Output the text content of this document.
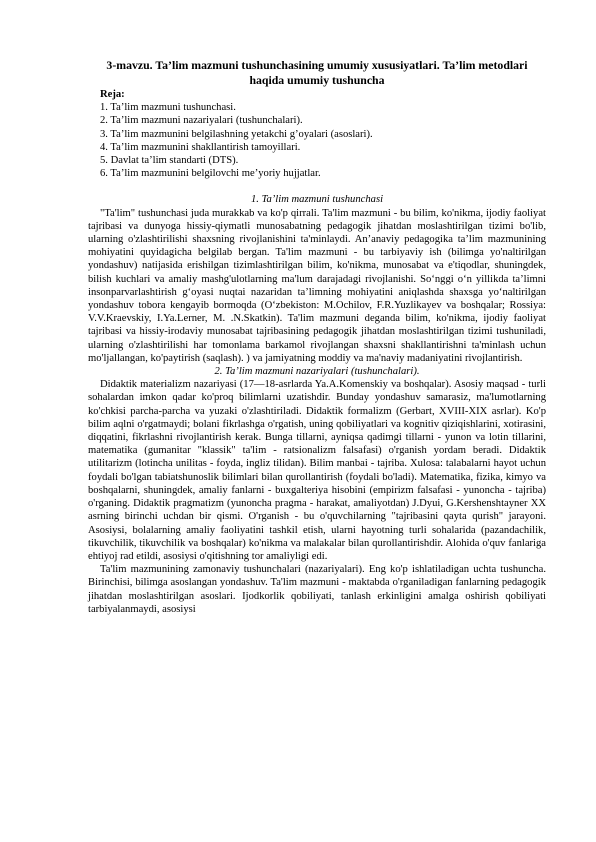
3-mavzu. Ta’lim mazmuni tushunchasining umumiy xususiyatlari. Ta’lim metodlari haqida umumiy tushuncha
Reja:
1. Ta’lim mazmuni tushunchasi.
2. Ta’lim mazmuni nazariyalari (tushunchalari).
3. Ta’lim mazmunini belgilashning yetakchi g’oyalari (asoslari).
4. Ta’lim mazmunini shakllantirish tamoyillari.
5. Davlat ta’lim standarti (DTS).
6. Ta’lim mazmunini belgilovchi me’yoriy hujjatlar.
1. Ta’lim mazmuni tushunchasi

"Ta'lim" tushunchasi juda murakkab va ko'p qirrali. Ta'lim mazmuni - bu bilim, ko'nikma, ijodiy faoliyat tajribasi va dunyoga hissiy-qiymatli munosabatning pedagogik jihatdan moslashtirilgan tizimi bo'lib, ularning o'zlashtirilishi shaxsning rivojlanishini ta'minlaydi. An’anaviy pedagogika ta’lim mazmunining mohiyatini quyidagicha belgilab bergan. Ta'lim mazmuni - bu tarbiyaviy ish (bilimga yo'naltirilgan yondashuv) natijasida erishilgan tizimlashtirilgan bilim, ko'nikma, munosabat va e'tiqodlar, shuningdek, bilish kuchlari va amaliy mashg'ulotlarning ma'lum darajadagi rivojlanishi. So‘nggi o‘n yillikda ta’limni insonparvarlashtirish g‘oyasi nuqtai nazaridan ta’limning mohiyatini aniqlashda shaxsga yo‘naltirilgan yondashuv tobora kengayib bormoqda (O‘zbekiston: M.Ochilov, F.R.Yuzlikayev va boshqalar; Rossiya: V.V.Kraevskiy, I.Ya.Lerner, M. .N.Skatkin). Ta'lim mazmuni deganda bilim, ko'nikma, ijodiy faoliyat tajribasi va hissiy-irodaviy munosabat tajribasining pedagogik jihatdan moslashtirilgan tizimi tushuniladi, ularning o'zlashtirilishi har tomonlama barkamol rivojlangan shaxsni shakllantirishni ta'minlash uchun mo'ljallangan, ko'paytirish (saqlash). ) va jamiyatning moddiy va ma'naviy madaniyatini rivojlantirish.

2. Ta’lim mazmuni nazariyalari (tushunchalari).

Didaktik materializm nazariyasi (17—18-asrlarda Ya.A.Komenskiy va boshqalar). Asosiy maqsad - turli sohalardan imkon qadar ko'proq bilimlarni uzatishdir. Bunday yondashuv samarasiz, ma'lumotlarning ko'chkisi parcha-parcha va yuzaki o'zlashtiriladi. Didaktik formalizm (Gerbart, XVIII-XIX asrlar). Ko'p bilim aqlni o'rgatmaydi; bolani fikrlashga o'rgatish, uning qobiliyatlari va kognitiv qiziqishlarini, xotirasini, diqqatini, fikrlashni rivojlantirish kerak. Bunga tillarni, ayniqsa qadimgi tillarni - yunon va lotin tillarini, matematika (gumanitar "klassik" ta'lim - ratsionalizm falsafasi) o'rganish yordam beradi. Didaktik utilitarizm (lotincha unilitas - foyda, ingliz tilidan). Bilim manbai - tajriba. Xulosa: talabalarni hayot uchun foydali bo'lgan tabiatshunoslik bilimlari bilan qurollantirish (foydali bo'ladi). Matematika, fizika, kimyo va boshqalarni, shuningdek, amaliy fanlarni - buxgalteriya hisobini (empirizm falsafasi - yunoncha - tajriba) o'rganing. Didaktik pragmatizm (yunoncha pragma - harakat, amaliyotdan) J.Dyui, G.Kershenshtayner XX asrning birinchi uchdan bir qismi. O'rganish - bu o'quvchilarning "tajribasini qayta qurish" jarayoni. Asosiysi, bolalarning amaliy faoliyatini tashkil etish, ularni hayotning turli sohalarida (pazandachilik, tikuvchilik, tikuvchilik va boshqalar) ko'nikma va malakalar bilan qurollantirishdir. Alohida o'quv fanlariga ehtiyoj rad etildi, asosiysi o'qitishning tor amaliyligi edi.

Ta'lim mazmunining zamonaviy tushunchalari (nazariyalari). Eng ko'p ishlatiladigan uchta tushuncha. Birinchisi, bilimga asoslangan yondashuv. Ta'lim mazmuni - maktabda o'rganiladigan fanlarning pedagogik jihatdan moslashtirilgan asoslari. Ijodkorlik qobiliyati, tanlash erkinligini amalga oshirish qobiliyati tarbiyalanmaydi, asosiysi
